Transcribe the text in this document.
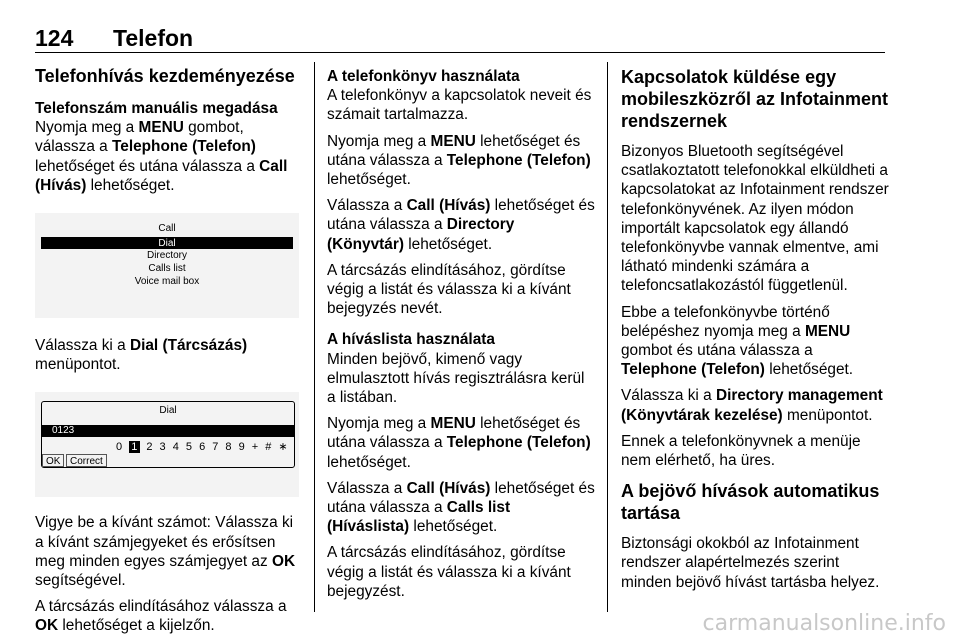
124 Telefon
Telefonhívás kezdeményezése
Telefonszám manuális megadása

Nyomja meg a MENU gombot, válassza a Telephone (Telefon) lehetőséget és utána válassza a Call (Hívás) lehetőséget.

Call
Dial
Directory
Calls list
Voice mail box

Válassza ki a Dial (Tárcsázás) menüpontot.

Dial
0123
0 1 2 3 4 5 6 7 8 9 + # ∗
OK Correct

Vigye be a kívánt számot: Válassza ki a kívánt számjegyeket és erősítsen meg minden egyes számjegyet az OK segítségével.

A tárcsázás elindításához válassza a OK lehetőséget a kijelzőn.

A telefonkönyv használata

A telefonkönyv a kapcsolatok neveit és számait tartalmazza.

Nyomja meg a MENU lehetőséget és utána válassza a Telephone (Telefon) lehetőséget.

Válassza a Call (Hívás) lehetőséget és utána válassza a Directory (Könyvtár) lehetőséget.

A tárcsázás elindításához, gördítse végig a listát és válassza ki a kívánt bejegyzés nevét.

A híváslista használata

Minden bejövő, kimenő vagy elmulasztott hívás regisztrálásra kerül a listában.

Nyomja meg a MENU lehetőséget és utána válassza a Telephone (Telefon) lehetőséget.

Válassza a Call (Hívás) lehetőséget és utána válassza a Calls list (Híváslista) lehetőséget.

A tárcsázás elindításához, gördítse végig a listát és válassza ki a kívánt bejegyzést.

Kapcsolatok küldése egy mobileszközről az Infotainment rendszernek

Bizonyos Bluetooth segítségével csatlakoztatott telefonokkal elküldheti a kapcsolatokat az Infotainment rendszer telefonkönyvének. Az ilyen módon importált kapcsolatok egy állandó telefonkönyvbe vannak elmentve, ami látható mindenki számára a telefoncsatlakozástól függetlenül.

Ebbe a telefonkönyvbe történő belépéshez nyomja meg a MENU gombot és utána válassza a Telephone (Telefon) lehetőséget.

Válassza ki a Directory management (Könyvtárak kezelése) menüpontot.

Ennek a telefonkönyvnek a menüje nem elérhető, ha üres.

A bejövő hívások automatikus tartása

Biztonsági okokból az Infotainment rendszer alapértelmezés szerint minden bejövő hívást tartásba helyez.

carmanualsonline.info
